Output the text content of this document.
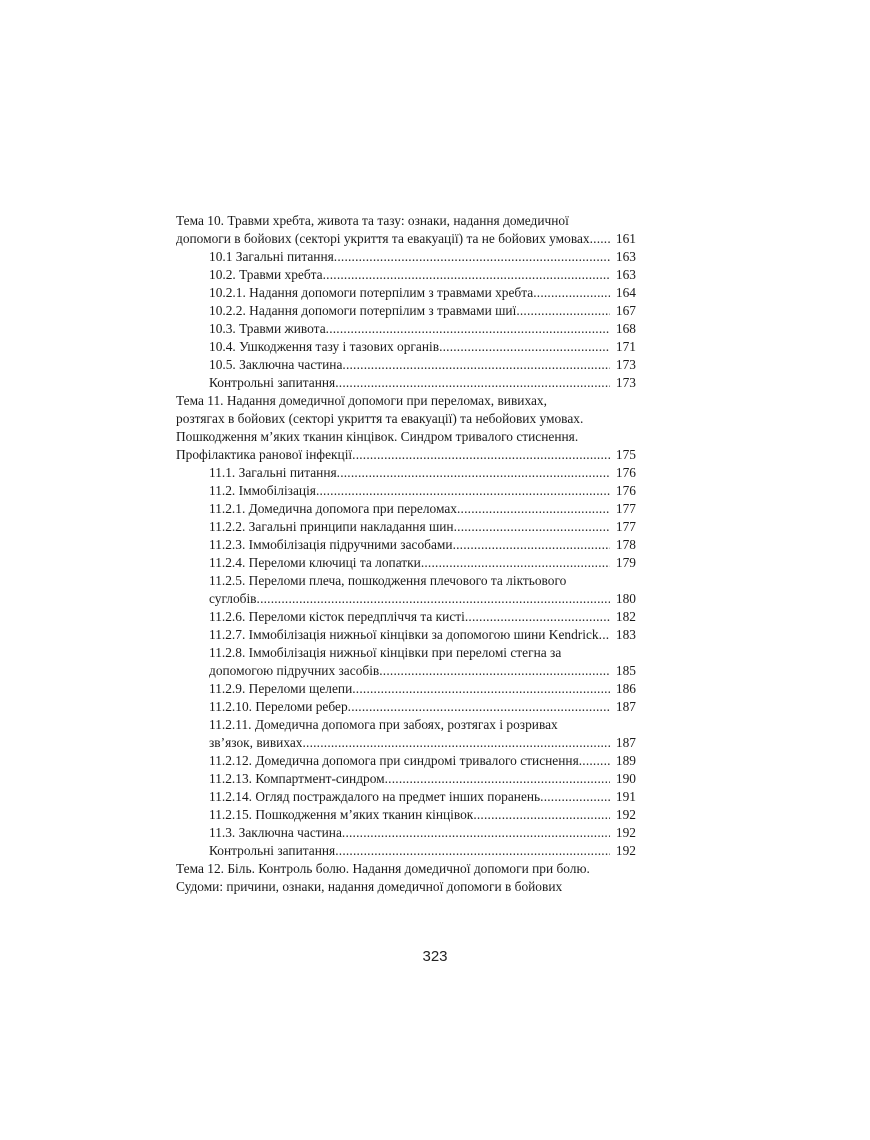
Тема 10. Травми хребта, живота та тазу: ознаки, надання домедичної
допомоги в бойових (секторі укриття та евакуації) та не бойових умовах .....	161
10.1 Загальні питання .....	163
10.2. Травми хребта .....	163
10.2.1. Надання допомоги потерпілим з травмами хребта .....	164
10.2.2. Надання допомоги потерпілим з травмами шиї .....	167
10.3. Травми живота .....	168
10.4. Ушкодження тазу і тазових органів .....	171
10.5. Заключна частина .....	173
Контрольні запитання .....	173
Тема 11. Надання домедичної допомоги при переломах, вивихах,
розтягах в бойових (секторі укриття та евакуації) та небойових умовах.
Пошкодження м’яких тканин кінцівок. Синдром тривалого стиснення.
Профілактика ранової інфекції .....	175
11.1. Загальні питання .....	176
11.2. Іммобілізація .....	176
11.2.1. Домедична допомога при переломах .....	177
11.2.2. Загальні принципи накладання шин .....	177
11.2.3. Іммобілізація підручними засобами .....	178
11.2.4. Переломи ключиці та лопатки .....	179
11.2.5. Переломи плеча, пошкодження плечового та ліктьового
суглобів .....	180
11.2.6. Переломи кісток передпліччя та кисті .....	182
11.2.7. Іммобілізація нижньої кінцівки за допомогою шини Kendrick .....	183
11.2.8. Іммобілізація нижньої кінцівки при переломі стегна за
допомогою підручних засобів .....	185
11.2.9. Переломи щелепи .....	186
11.2.10. Переломи ребер .....	187
11.2.11. Домедична допомога при забоях, розтягах і розривах
зв’язок, вивихах .....	187
11.2.12. Домедична допомога при синдромі тривалого стиснення .....	189
11.2.13. Компартмент-синдром .....	190
11.2.14. Огляд постраждалого на предмет інших поранень .....	191
11.2.15. Пошкодження м’яких тканин кінцівок .....	192
11.3. Заключна частина .....	192
Контрольні запитання .....	192
Тема 12. Біль. Контроль болю. Надання домедичної допомоги при болю.
Судоми: причини, ознаки, надання домедичної допомоги в бойових
323
